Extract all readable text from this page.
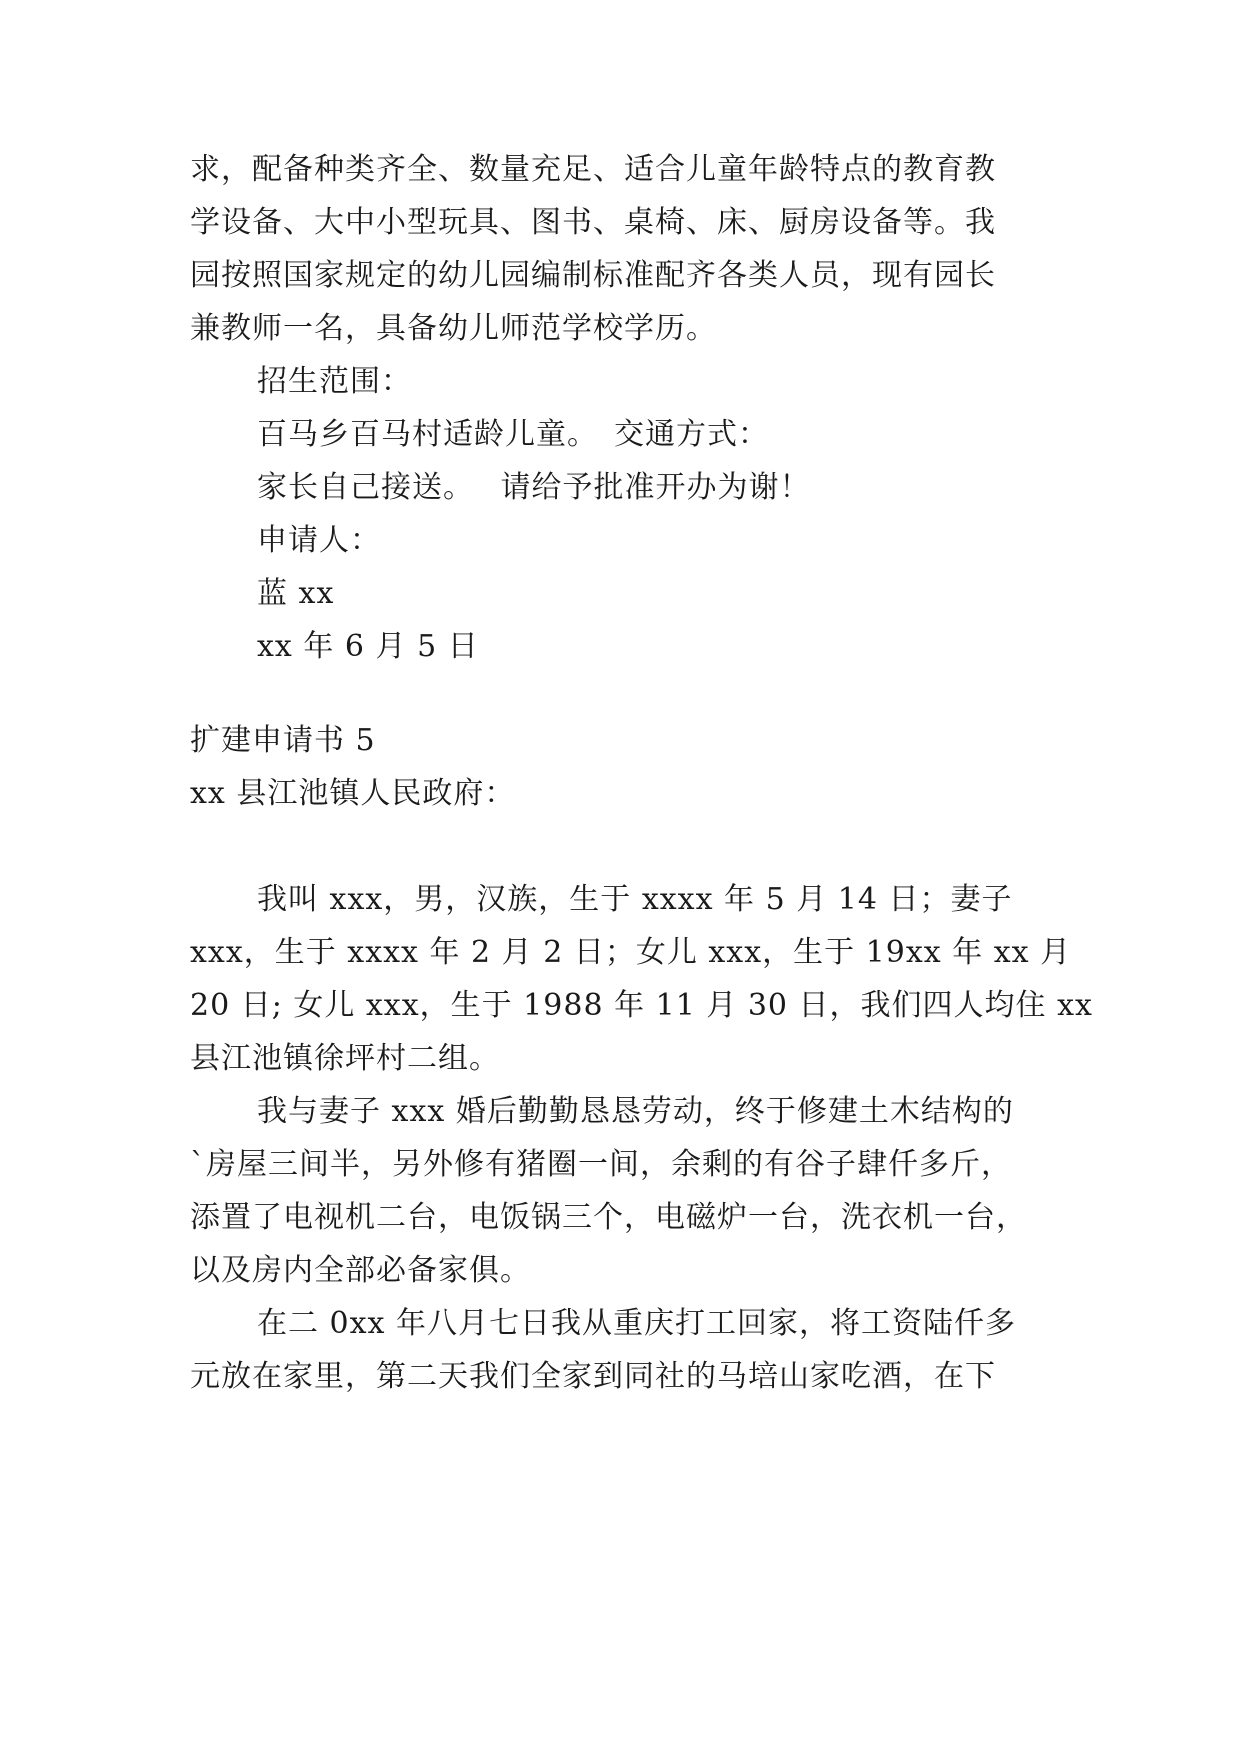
求，配备种类齐全、数量充足、适合儿童年龄特点的教育教
学设备、大中小型玩具、图书、桌椅、床、厨房设备等。我
园按照国家规定的幼儿园编制标准配齐各类人员，现有园长
兼教师一名，具备幼儿师范学校学历。
招生范围：
百马乡百马村适龄儿童。　交通方式：
家长自己接送。　 请给予批准开办为谢！
申请人：
蓝 xx
xx 年 6 月 5 日
扩建申请书 5
xx 县江池镇人民政府：
我叫 xxx，男，汉族，生于 xxxx 年 5 月 14 日；妻子
xxx，生于 xxxx 年 2 月 2 日；女儿 xxx，生于 19xx 年 xx 月
20 日; 女儿 xxx，生于 1988 年 11 月 30 日，我们四人均住 xx
县江池镇徐坪村二组。
我与妻子 xxx 婚后勤勤恳恳劳动，终于修建土木结构的
`房屋三间半，另外修有猪圈一间，余剩的有谷子肆仟多斤，
添置了电视机二台，电饭锅三个，电磁炉一台，洗衣机一台，
以及房内全部必备家俱。
在二 0xx 年八月七日我从重庆打工回家，将工资陆仟多
元放在家里，第二天我们全家到同社的马培山家吃酒，在下
